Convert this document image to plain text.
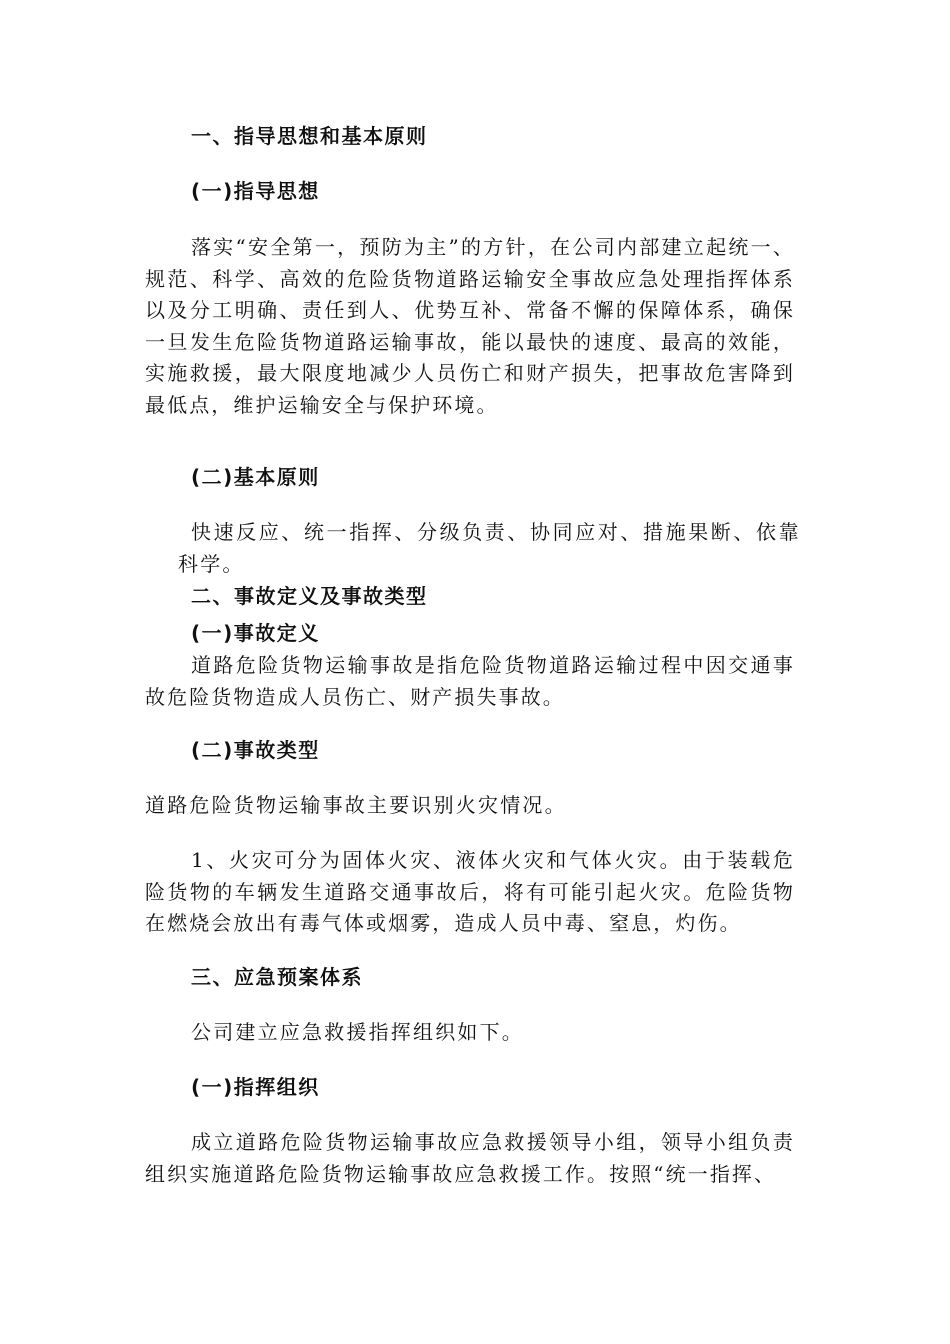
一、指导思想和基本原则
(一)指导思想
落实“安全第一，预防为主”的方针，在公司内部建立起统一、规范、科学、高效的危险货物道路运输安全事故应急处理指挥体系以及分工明确、责任到人、优势互补、常备不懈的保障体系，确保一旦发生危险货物道路运输事故，能以最快的速度、最高的效能，实施救援，最大限度地减少人员伤亡和财产损失，把事故危害降到最低点，维护运输安全与保护环境。
(二)基本原则
快速反应、统一指挥、分级负责、协同应对、措施果断、依靠
科学。
二、事故定义及事故类型
(一)事故定义
道路危险货物运输事故是指危险货物道路运输过程中因交通事故危险货物造成人员伤亡、财产损失事故。
(二)事故类型
道路危险货物运输事故主要识别火灾情况。
1、火灾可分为固体火灾、液体火灾和气体火灾。由于装载危险货物的车辆发生道路交通事故后，将有可能引起火灾。危险货物在燃烧会放出有毒气体或烟雾，造成人员中毒、窒息，灼伤。
三、应急预案体系
公司建立应急救援指挥组织如下。
(一)指挥组织
成立道路危险货物运输事故应急救援领导小组，领导小组负责组织实施道路危险货物运输事故应急救援工作。按照“统一指挥、
